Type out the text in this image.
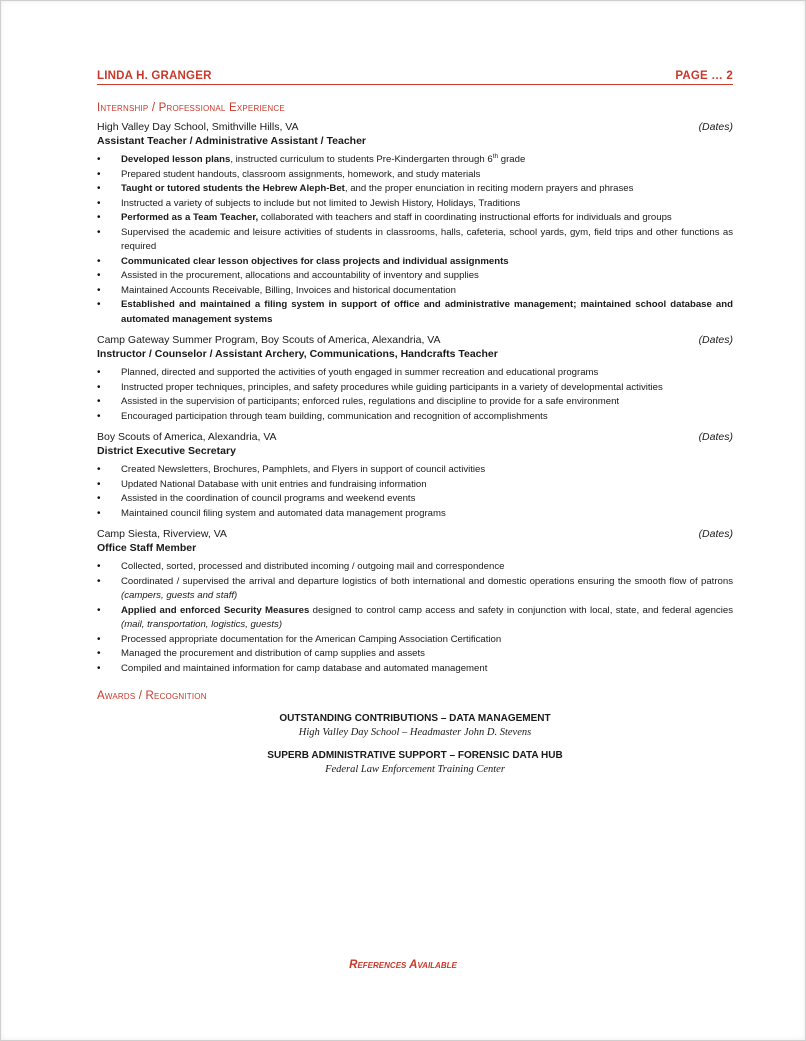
LINDA H. GRANGER	PAGE … 2
Internship / Professional Experience
High Valley Day School, Smithville Hills, VA	(Dates)
Assistant Teacher / Administrative Assistant / Teacher
• Developed lesson plans, instructed curriculum to students Pre-Kindergarten through 6th grade
• Prepared student handouts, classroom assignments, homework, and study materials
• Taught or tutored students the Hebrew Aleph-Bet, and the proper enunciation in reciting modern prayers and phrases
• Instructed a variety of subjects to include but not limited to Jewish History, Holidays, Traditions
• Performed as a Team Teacher, collaborated with teachers and staff in coordinating instructional efforts for individuals and groups
• Supervised the academic and leisure activities of students in classrooms, halls, cafeteria, school yards, gym, field trips and other functions as required
• Communicated clear lesson objectives for class projects and individual assignments
• Assisted in the procurement, allocations and accountability of inventory and supplies
• Maintained Accounts Receivable, Billing, Invoices and historical documentation
• Established and maintained a filing system in support of office and administrative management; maintained school database and automated management systems
Camp Gateway Summer Program, Boy Scouts of America, Alexandria, VA	(Dates)
Instructor / Counselor / Assistant Archery, Communications, Handcrafts Teacher
• Planned, directed and supported the activities of youth engaged in summer recreation and educational programs
• Instructed proper techniques, principles, and safety procedures while guiding participants in a variety of developmental activities
• Assisted in the supervision of participants; enforced rules, regulations and discipline to provide for a safe environment
• Encouraged participation through team building, communication and recognition of accomplishments
Boy Scouts of America, Alexandria, VA	(Dates)
District Executive Secretary
• Created Newsletters, Brochures, Pamphlets, and Flyers in support of council activities
• Updated National Database with unit entries and fundraising information
• Assisted in the coordination of council programs and weekend events
• Maintained council filing system and automated data management programs
Camp Siesta, Riverview, VA	(Dates)
Office Staff Member
• Collected, sorted, processed and distributed incoming / outgoing mail and correspondence
• Coordinated / supervised the arrival and departure logistics of both international and domestic operations ensuring the smooth flow of patrons (campers, guests and staff)
• Applied and enforced Security Measures designed to control camp access and safety in conjunction with local, state, and federal agencies (mail, transportation, logistics, guests)
• Processed appropriate documentation for the American Camping Association Certification
• Managed the procurement and distribution of camp supplies and assets
• Compiled and maintained information for camp database and automated management
Awards / Recognition
OUTSTANDING CONTRIBUTIONS – DATA MANAGEMENT
High Valley Day School – Headmaster John D. Stevens
SUPERB ADMINISTRATIVE SUPPORT – FORENSIC DATA HUB
Federal Law Enforcement Training Center
References Available
